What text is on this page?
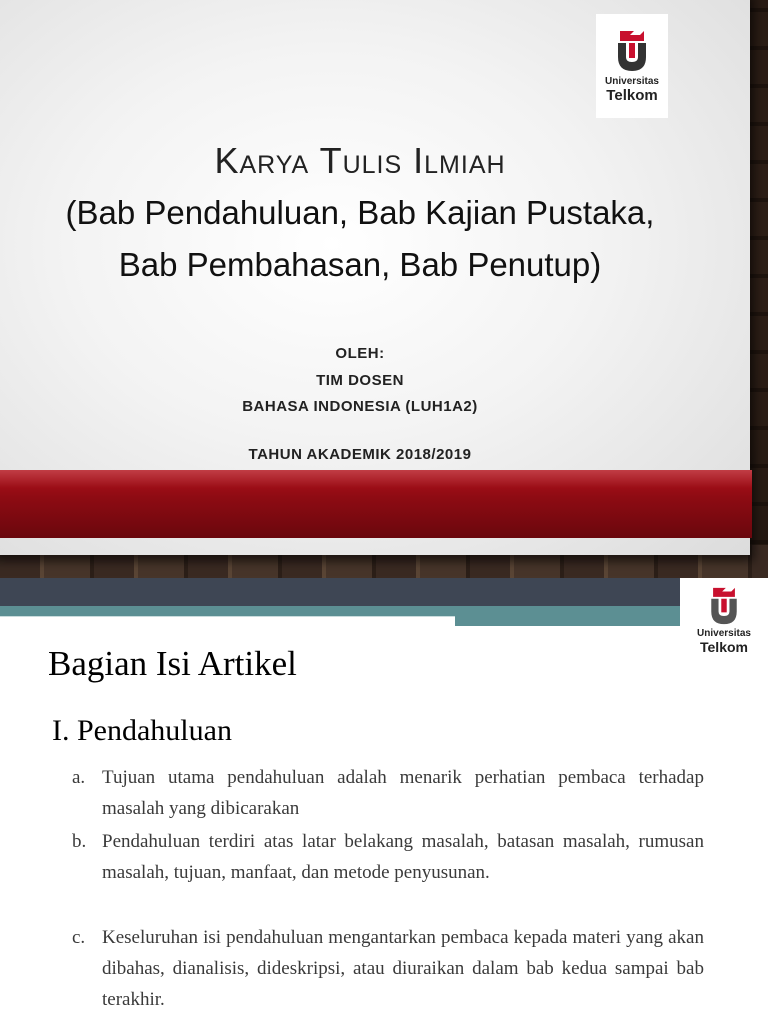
Universitas
Telkom
Karya Tulis Ilmiah
(Bab Pendahuluan, Bab Kajian Pustaka,
Bab Pembahasan, Bab Penutup)
OLEH:
TIM DOSEN
BAHASA INDONESIA (LUH1A2)
TAHUN AKADEMIK 2018/2019
Universitas
Telkom
Bagian Isi Artikel
I. Pendahuluan
a. Tujuan utama pendahuluan adalah menarik perhatian pembaca terhadap masalah yang dibicarakan
b. Pendahuluan terdiri atas latar belakang masalah, batasan masalah, rumusan masalah, tujuan, manfaat, dan metode penyusunan.
c. Keseluruhan isi pendahuluan mengantarkan pembaca kepada materi yang akan dibahas, dianalisis, dideskripsi, atau diuraikan dalam bab kedua sampai bab terakhir.
